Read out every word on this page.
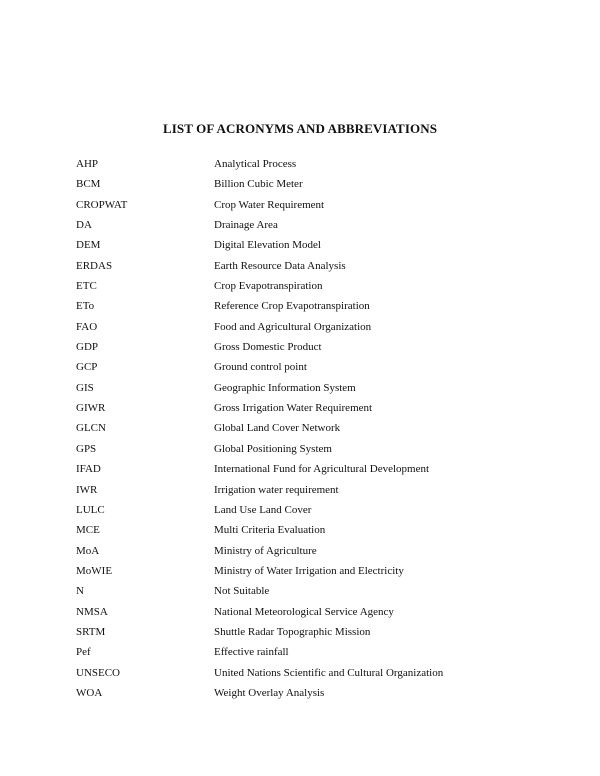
LIST OF ACRONYMS AND ABBREVIATIONS
AHP	Analytical Process
BCM	Billion Cubic Meter
CROPWAT	Crop Water Requirement
DA	Drainage Area
DEM	Digital Elevation Model
ERDAS	Earth Resource Data Analysis
ETC	Crop Evapotranspiration
ETo	Reference Crop Evapotranspiration
FAO	Food and Agricultural Organization
GDP	Gross Domestic Product
GCP	Ground control point
GIS	Geographic Information System
GIWR	Gross Irrigation Water Requirement
GLCN	Global Land Cover Network
GPS	Global Positioning System
IFAD	International Fund for Agricultural Development
IWR	Irrigation water requirement
LULC	Land Use Land Cover
MCE	Multi Criteria Evaluation
MoA	Ministry of Agriculture
MoWIE	Ministry of Water Irrigation and Electricity
N	Not Suitable
NMSA	National Meteorological Service Agency
SRTM	Shuttle Radar Topographic Mission
Pef	Effective rainfall
UNSECO	United Nations Scientific and Cultural Organization
WOA	Weight Overlay Analysis
